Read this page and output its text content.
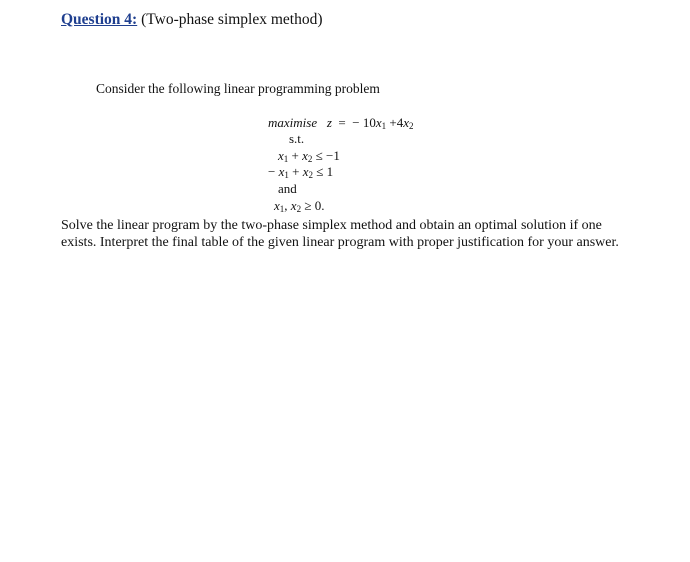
Question 4: (Two-phase simplex method)
Consider the following linear programming problem
maximise z = − $10x_1 +4x_2$
s.t.
$x_1 + x_2 \le -1$
− $x_1 + x_2 \le 1$
and
$x_1$, $x_2 \ge 0$.
Solve the linear program by the two-phase simplex method and obtain an optimal solution if one exists. Interpret the final table of the given linear program with proper justification for your answer.
